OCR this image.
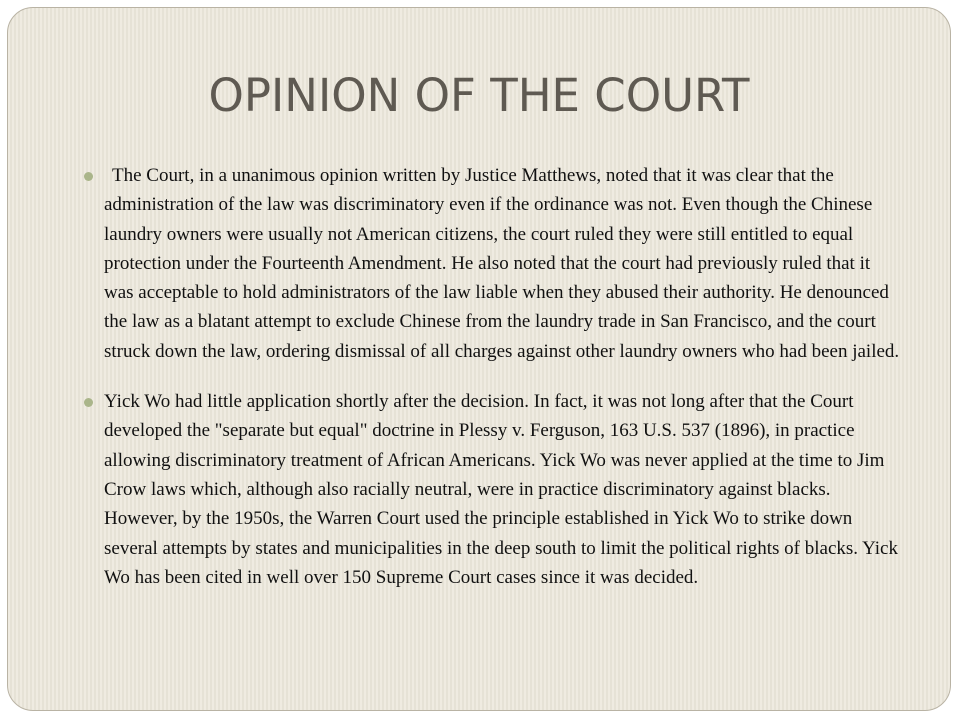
OPINION OF THE COURT
The Court, in a unanimous opinion written by Justice Matthews, noted that it was clear that the administration of the law was discriminatory even if the ordinance was not. Even though the Chinese laundry owners were usually not American citizens, the court ruled they were still entitled to equal protection under the Fourteenth Amendment. He also noted that the court had previously ruled that it was acceptable to hold administrators of the law liable when they abused their authority. He denounced the law as a blatant attempt to exclude Chinese from the laundry trade in San Francisco, and the court struck down the law, ordering dismissal of all charges against other laundry owners who had been jailed.
Yick Wo had little application shortly after the decision. In fact, it was not long after that the Court developed the "separate but equal" doctrine in Plessy v. Ferguson, 163 U.S. 537 (1896), in practice allowing discriminatory treatment of African Americans. Yick Wo was never applied at the time to Jim Crow laws which, although also racially neutral, were in practice discriminatory against blacks. However, by the 1950s, the Warren Court used the principle established in Yick Wo to strike down several attempts by states and municipalities in the deep south to limit the political rights of blacks. Yick Wo has been cited in well over 150 Supreme Court cases since it was decided.
